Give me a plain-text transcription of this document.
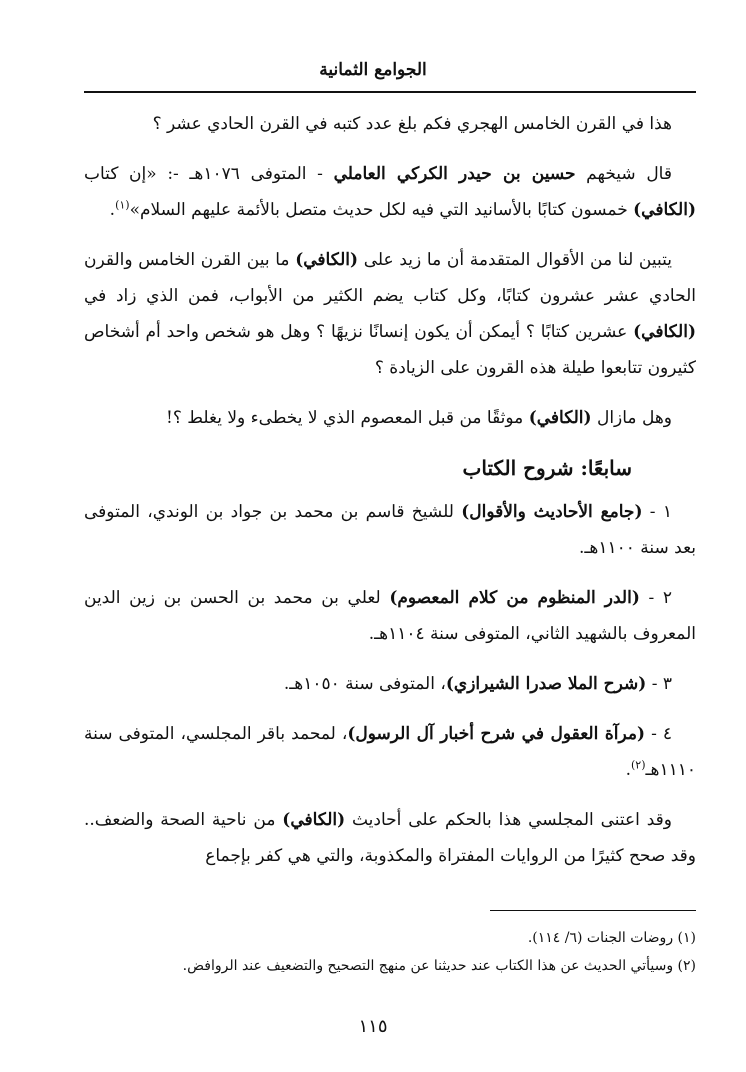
الجوامع الثمانية

هذا في القرن الخامس الهجري فكم بلغ عدد كتبه في القرن الحادي عشر ؟

قال شيخهم حسين بن حيدر الكركي العاملي - المتوفى ١٠٧٦هـ -: «إن كتاب (الكافي) خمسون كتابًا بالأسانيد التي فيه لكل حديث متصل بالأئمة عليهم السلام»$^{(١)}$.

يتبين لنا من الأقوال المتقدمة أن ما زيد على (الكافي) ما بين القرن الخامس والقرن الحادي عشر عشرون كتابًا، وكل كتاب يضم الكثير من الأبواب، فمن الذي زاد في (الكافي) عشرين كتابًا ؟ أيمكن أن يكون إنسانًا نزيهًا ؟ وهل هو شخص واحد أم أشخاص كثيرون تتابعوا طيلة هذه القرون على الزيادة ؟

وهل مازال (الكافي) موثقًا من قبل المعصوم الذي لا يخطىء ولا يغلط ؟!

سابعًا: شروح الكتاب

١ - (جامع الأحاديث والأقوال) للشيخ قاسم بن محمد بن جواد بن الوندي، المتوفى بعد سنة ١١٠٠هـ.

٢ - (الدر المنظوم من كلام المعصوم) لعلي بن محمد بن الحسن بن زين الدين المعروف بالشهيد الثاني، المتوفى سنة ١١٠٤هـ.

٣ - (شرح الملا صدرا الشيرازي)، المتوفى سنة ١٠٥٠هـ.

٤ - (مرآة العقول في شرح أخبار آل الرسول)، لمحمد باقر المجلسي، المتوفى سنة ١١١٠هـ$^{(٢)}$.

وقد اعتنى المجلسي هذا بالحكم على أحاديث (الكافي) من ناحية الصحة والضعف.. وقد صحح كثيرًا من الروايات المفتراة والمكذوبة، والتي هي كفر بإجماع

(١) روضات الجنات (٦/ ١١٤).
(٢) وسيأتي الحديث عن هذا الكتاب عند حديثنا عن منهج التصحيح والتضعيف عند الروافض.
١١٥
